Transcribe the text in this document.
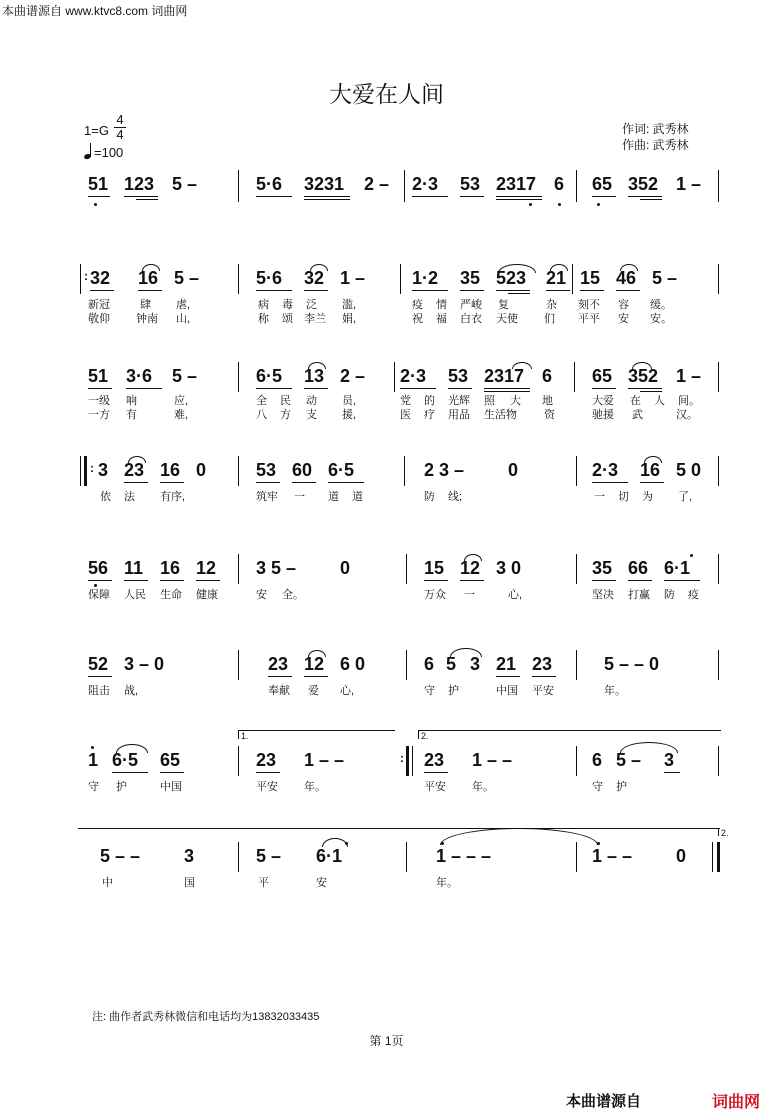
本曲谱源自 www.ktvc8.com 词曲网
大爱在人间
1=G
4
4
=100
作词: 武秀林
作曲: 武秀林
51 123 5 –	5·6 3231 2 – 2·3 53 2317 6 65 352 1 –
: 32 16 5 –	5·6 32 1 –	1·2 35 523 21 15 46 5 –
新冠	肆 虐,	病 毒 泛 滥,	疫 情 严峻 复	杂 刻不 容 缓。
敬仰 钟南 山,	称 颂 李兰 娟,	祝 福 白衣 天使 们 平平 安 安。
51 3·6 5 –	6·5 13 2 – 2·3 53 2317 6 65 352 1 –
一级 响	应,	全 民 动 员,	党 的 光辉 照 大 地	大爱 在 人 间。
一方 有	难,	八 方 支 援,	医 疗 用品 生活物 资	驰援 武	汉。
: 3 23 16 0	53 60 6·5	2 3 – 0	2·3 16 5 0
依 法 有序,	筑牢 一 道 道	防 线;	一 切 为 了,
56 11 16 12 3 5 – 0	15 12 3 0	35 66 6·1
保障 人民 生命 健康	安 全。	万众 一	心,	坚决 打赢 防 疫
52 3 – 0	23 12 6 0	6 5 3 21 23	5 – – 0
阻击 战,	奉献 爱 心,	守 护	中国 平安	年。
1.	2.
1 6·5 65	23 1 – –	: 23 1 – –	6 5 – 3
守 护	中国	平安 年。	平安 年。	守 护
2.
5 – – 3	5 – 6·1	1 – – –	1 – – 0
中	国	平	安	年。
注: 曲作者武秀林微信和电话均为13832033435
第 1页
本曲谱源自	词曲网
